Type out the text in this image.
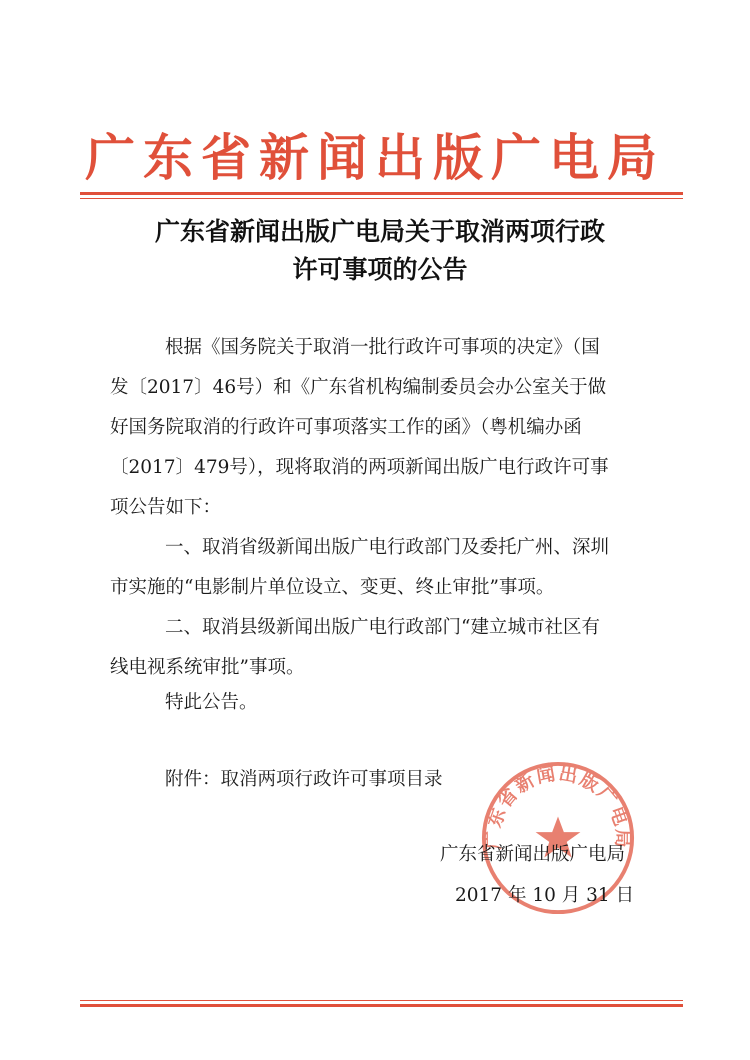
广东省新闻出版广电局
广东省新闻出版广电局关于取消两项行政
许可事项的公告
根据《国务院关于取消一批行政许可事项的决定》（国
发〔2017〕46号）和《广东省机构编制委员会办公室关于做
好国务院取消的行政许可事项落实工作的函》（粤机编办函
〔2017〕479号），现将取消的两项新闻出版广电行政许可事
项公告如下：
一、取消省级新闻出版广电行政部门及委托广州、深圳
市实施的“电影制片单位设立、变更、终止审批”事项。
二、取消县级新闻出版广电行政部门“建立城市社区有
线电视系统审批”事项。
特此公告。
附件：取消两项行政许可事项目录
广东省新闻出版广电局
广东省新闻出版广电局
2017 年 10 月 31 日
